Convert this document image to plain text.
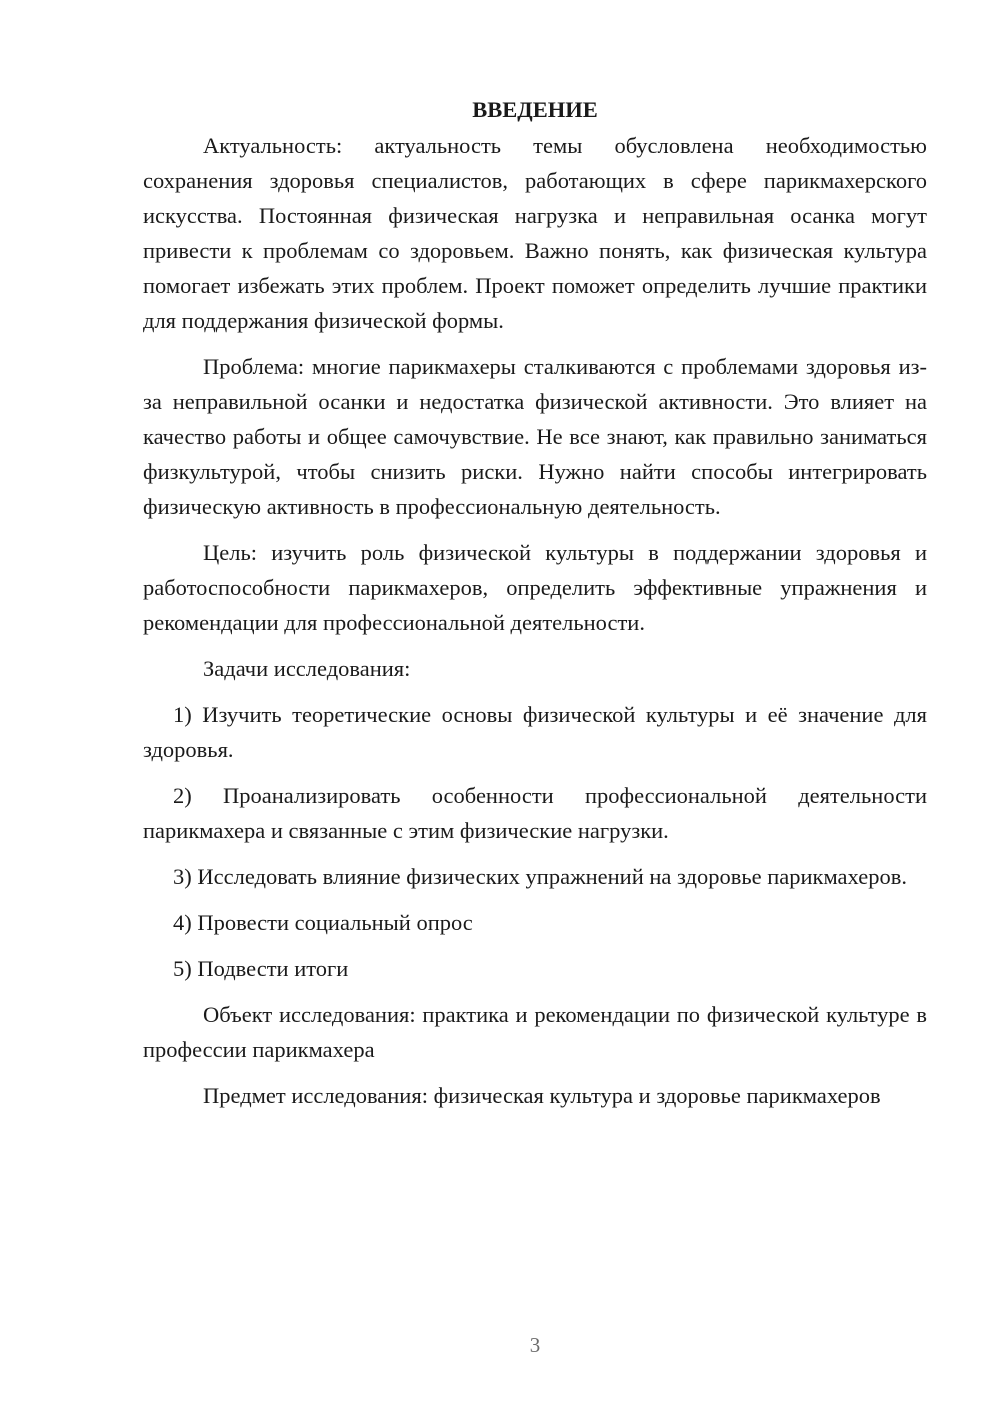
ВВЕДЕНИЕ

Актуальность: актуальность темы обусловлена необходимостью сохранения здоровья специалистов, работающих в сфере парикмахерского искусства. Постоянная физическая нагрузка и неправильная осанка могут привести к проблемам со здоровьем. Важно понять, как физическая культура помогает избежать этих проблем. Проект поможет определить лучшие практики для поддержания физической формы.

Проблема: многие парикмахеры сталкиваются с проблемами здоровья из-за неправильной осанки и недостатка физической активности. Это влияет на качество работы и общее самочувствие. Не все знают, как правильно заниматься физкультурой, чтобы снизить риски. Нужно найти способы интегрировать физическую активность в профессиональную деятельность.

Цель: изучить роль физической культуры в поддержании здоровья и работоспособности парикмахеров, определить эффективные упражнения и рекомендации для профессиональной деятельности.

Задачи исследования:

1) Изучить теоретические основы физической культуры и её значение для здоровья.

2) Проанализировать особенности профессиональной деятельности парикмахера и связанные с этим физические нагрузки.

3) Исследовать влияние физических упражнений на здоровье парикмахеров.

4) Провести социальный опрос

5) Подвести итоги

Объект исследования: практика и рекомендации по физической культуре в профессии парикмахера

Предмет исследования: физическая культура и здоровье парикмахеров

3
